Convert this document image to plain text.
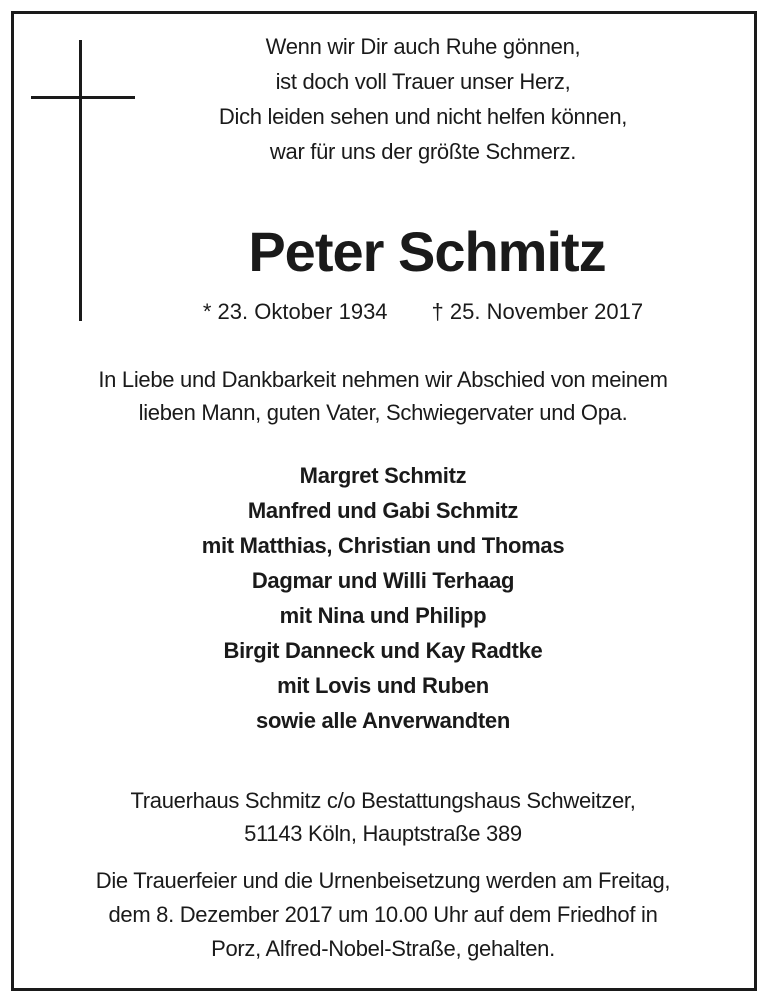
Wenn wir Dir auch Ruhe gönnen,
ist doch voll Trauer unser Herz,
Dich leiden sehen und nicht helfen können,
war für uns der größte Schmerz.
Peter Schmitz
* 23. Oktober 1934 † 25. November 2017
In Liebe und Dankbarkeit nehmen wir Abschied von meinem
lieben Mann, guten Vater, Schwiegervater und Opa.
Margret Schmitz
Manfred und Gabi Schmitz
mit Matthias, Christian und Thomas
Dagmar und Willi Terhaag
mit Nina und Philipp
Birgit Danneck und Kay Radtke
mit Lovis und Ruben
sowie alle Anverwandten
Trauerhaus Schmitz c/o Bestattungshaus Schweitzer,
51143 Köln, Hauptstraße 389
Die Trauerfeier und die Urnenbeisetzung werden am Freitag,
dem 8. Dezember 2017 um 10.00 Uhr auf dem Friedhof in
Porz, Alfred-Nobel-Straße, gehalten.
